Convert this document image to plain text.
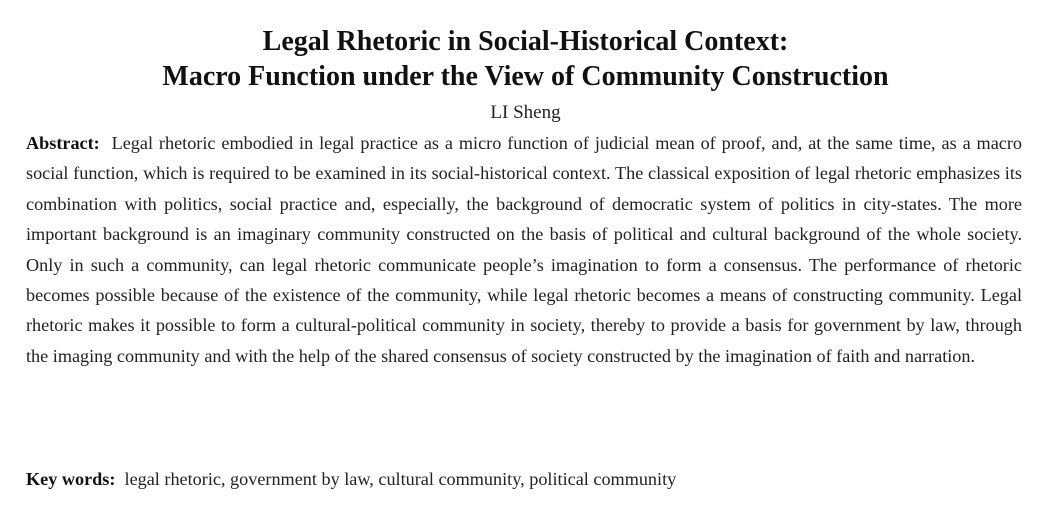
Legal Rhetoric in Social-Historical Context:
Macro Function under the View of Community Construction
LI Sheng
Abstract: Legal rhetoric embodied in legal practice as a micro function of judicial mean of proof, and, at the same time, as a macro social function, which is required to be examined in its social-historical context. The classical exposition of legal rhetoric emphasizes its combination with politics, social practice and, especially, the background of democratic system of politics in city-states. The more important background is an imaginary community constructed on the basis of political and cultural background of the whole society. Only in such a community, can legal rhetoric communicate people’s imagination to form a consensus. The performance of rhetoric becomes possible because of the existence of the community, while legal rhetoric becomes a means of constructing community. Legal rhetoric makes it possible to form a cultural-political community in society, thereby to provide a basis for government by law, through the imaging community and with the help of the shared consensus of society constructed by the imagination of faith and narration.
Key words: legal rhetoric, government by law, cultural community, political community
